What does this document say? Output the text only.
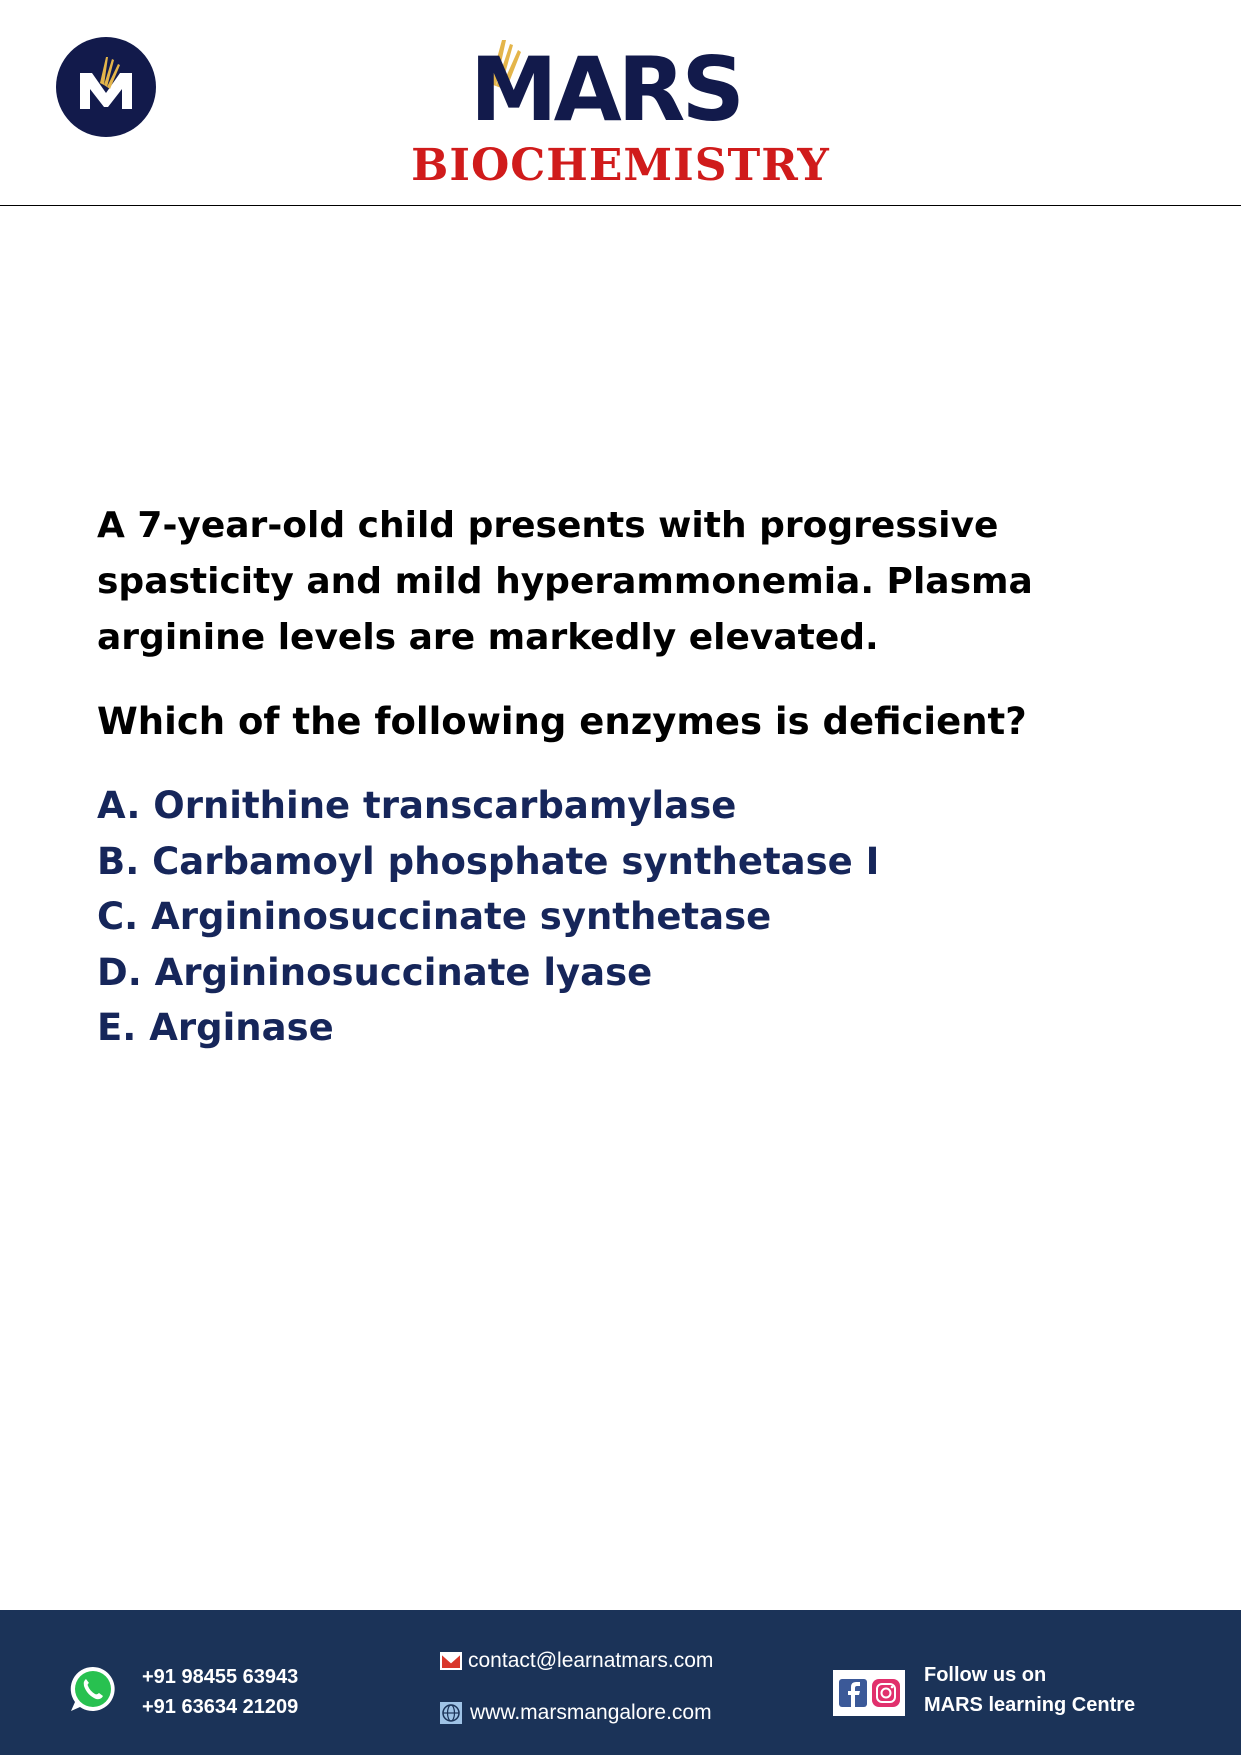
MARS
BIOCHEMISTRY

A 7-year-old child presents with progressive spasticity and mild hyperammonemia. Plasma arginine levels are markedly elevated.

Which of the following enzymes is deficient?

A. Ornithine transcarbamylase
B. Carbamoyl phosphate synthetase I
C. Argininosuccinate synthetase
D. Argininosuccinate lyase
E. Arginase
+91 98455 63943
+91 63634 21209
contact@learnatmars.com
www.marsmangalore.com
Follow us on
MARS learning Centre
